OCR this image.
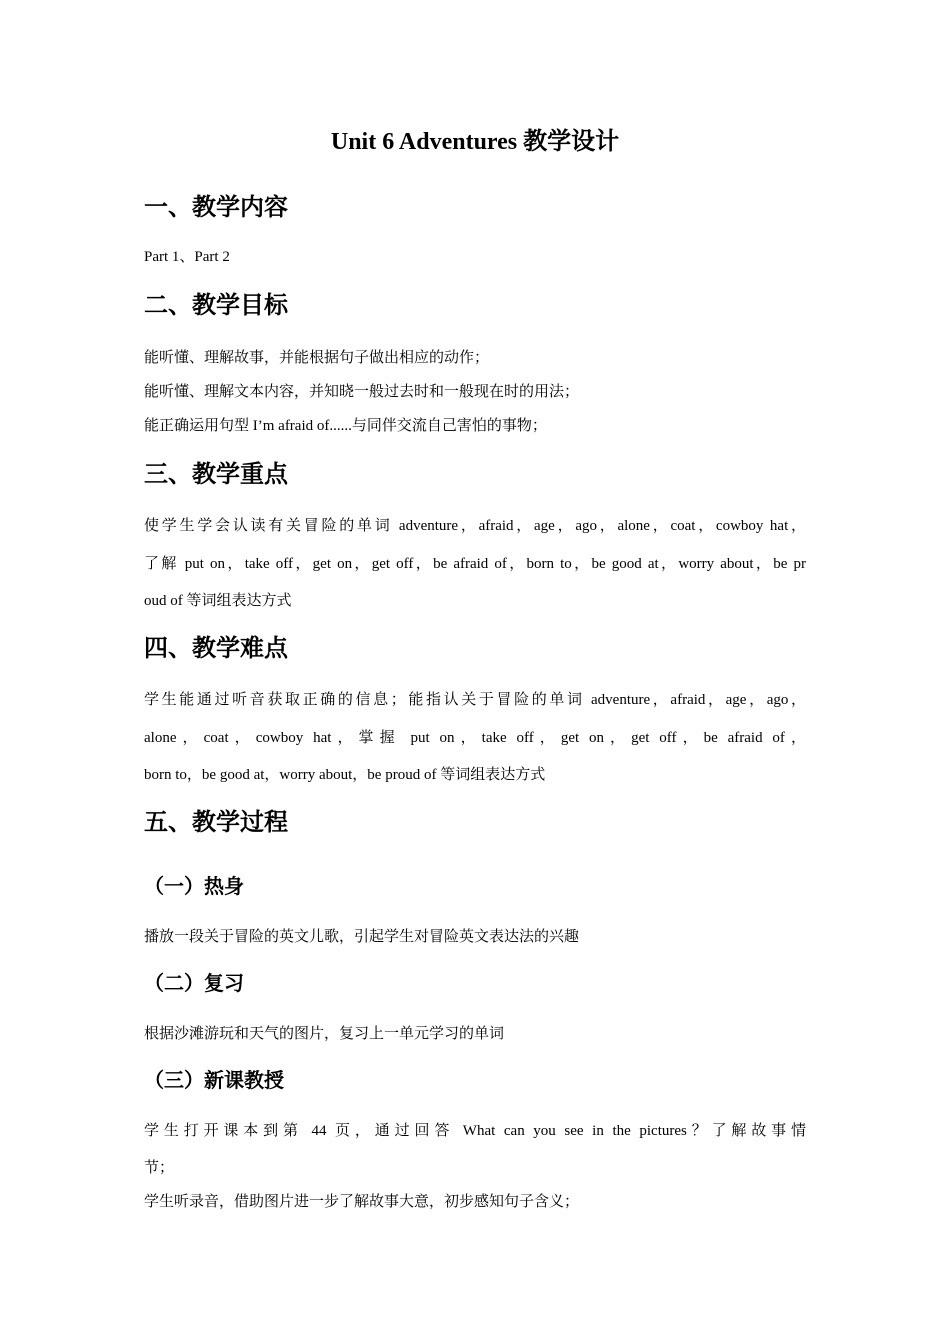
Unit 6 Adventures 教学设计
一、教学内容

Part 1、Part 2

二、教学目标

能听懂、理解故事，并能根据句子做出相应的动作；

能听懂、理解文本内容，并知晓一般过去时和一般现在时的用法；

能正确运用句型 I’m afraid of......与同伴交流自己害怕的事物；

三、教学重点

使学生学会认读有关冒险的单词 adventure，afraid，age，ago，alone，coat，cowboy hat，

了解 put on，take off，get on，get off，be afraid of，born to，be good at，worry about，be pr

oud of 等词组表达方式

四、教学难点

学生能通过听音获取正确的信息；能指认关于冒险的单词 adventure，afraid，age，ago，

alone，coat，cowboy hat，掌握 put on，take off，get on，get off，be afraid of，

born to，be good at，worry about，be proud of 等词组表达方式

五、教学过程
（一）热身

播放一段关于冒险的英文儿歌，引起学生对冒险英文表达法的兴趣

（二）复习

根据沙滩游玩和天气的图片，复习上一单元学习的单词

（三）新课教授

学生打开课本到第 44 页，通过回答 What can you see in the pictures？了解故事情

节；

学生听录音，借助图片进一步了解故事大意，初步感知句子含义；
